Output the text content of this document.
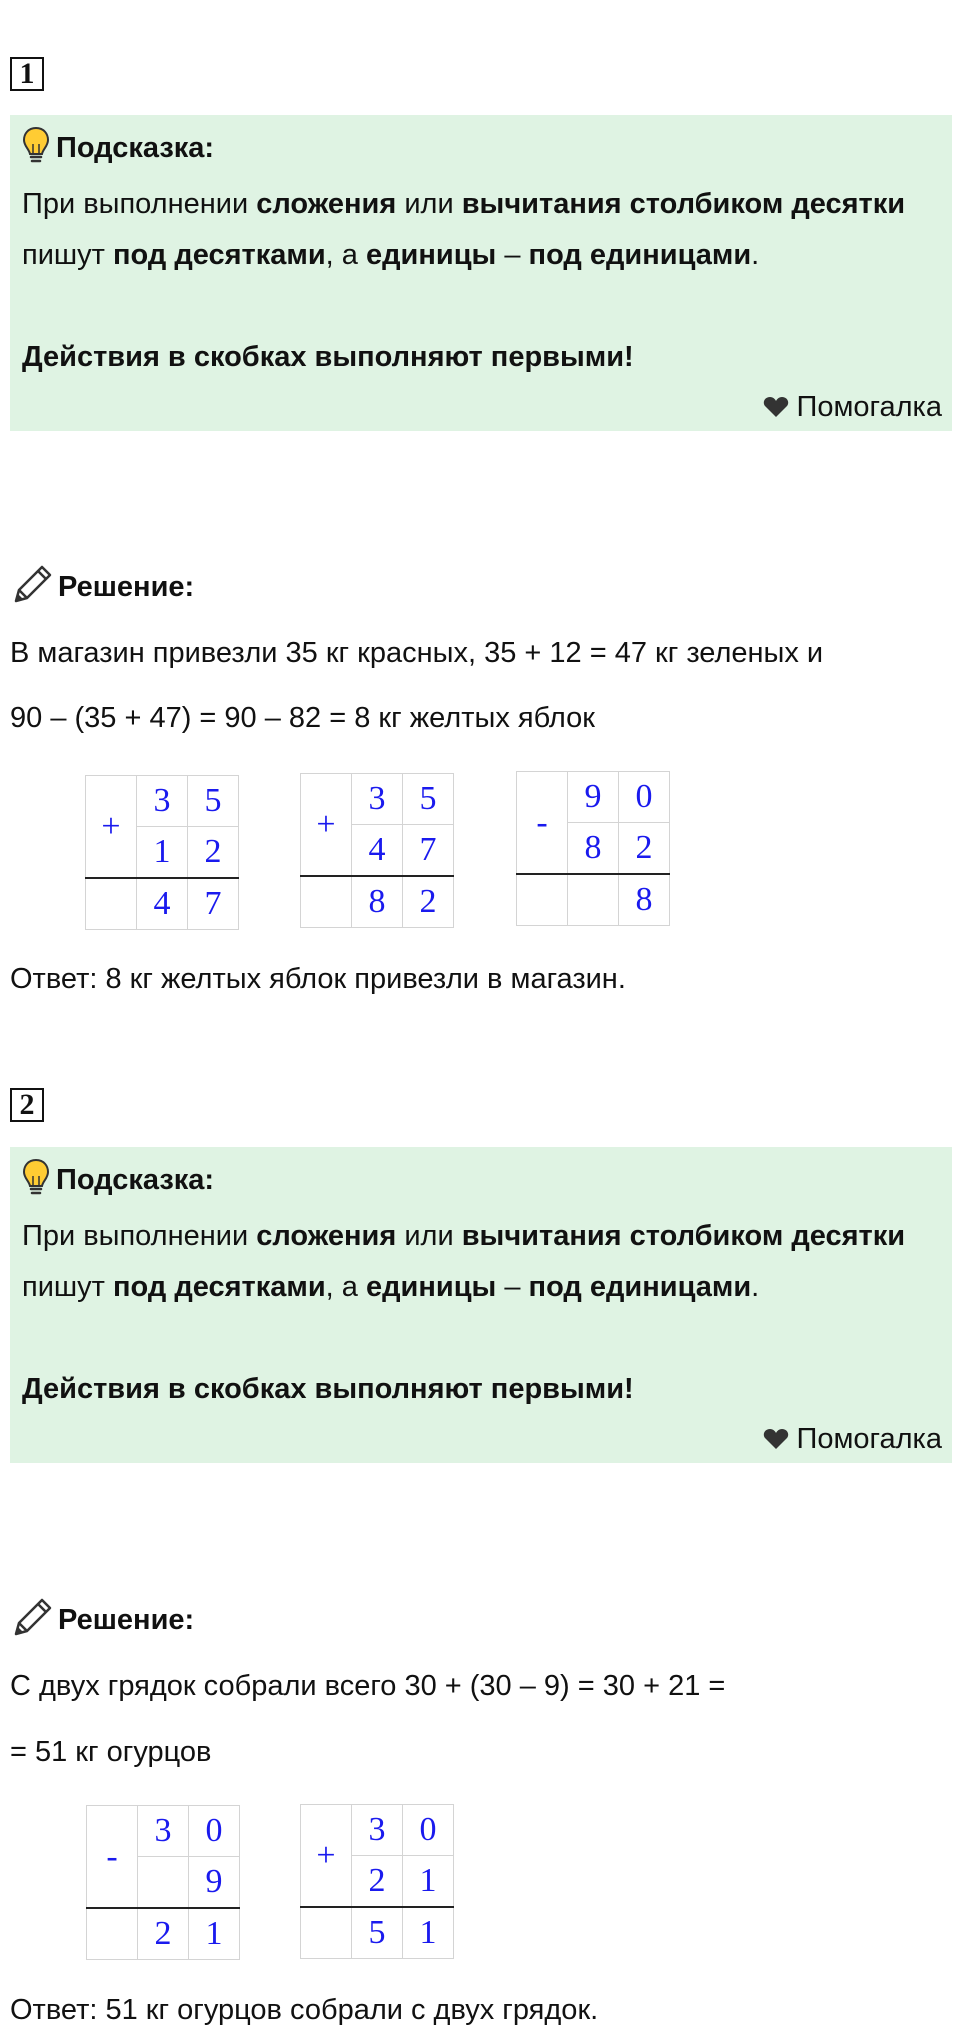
1
Подсказка:
При выполнении сложения или вычитания столбиком десятки пишут под десятками, а единицы – под единицами.
Действия в скобках выполняют первыми!
Помогалка
Решение:
В магазин привезли 35 кг красных, 35 + 12 = 47 кг зеленых и
90 – (35 + 47) = 90 – 82 = 8 кг желтых яблок
+	3	5
	1	2
	4	7
+	3	5
	4	7
	8	2
-	9	0
	8	2
		8
Ответ: 8 кг желтых яблок привезли в магазин.
2
Подсказка:
При выполнении сложения или вычитания столбиком десятки пишут под десятками, а единицы – под единицами.
Действия в скобках выполняют первыми!
Помогалка
Решение:
С двух грядок собрали всего 30 + (30 – 9) = 30 + 21 =
= 51 кг огурцов
-	3	0
		9
	2	1
+	3	0
	2	1
	5	1
Ответ: 51 кг огурцов собрали с двух грядок.
